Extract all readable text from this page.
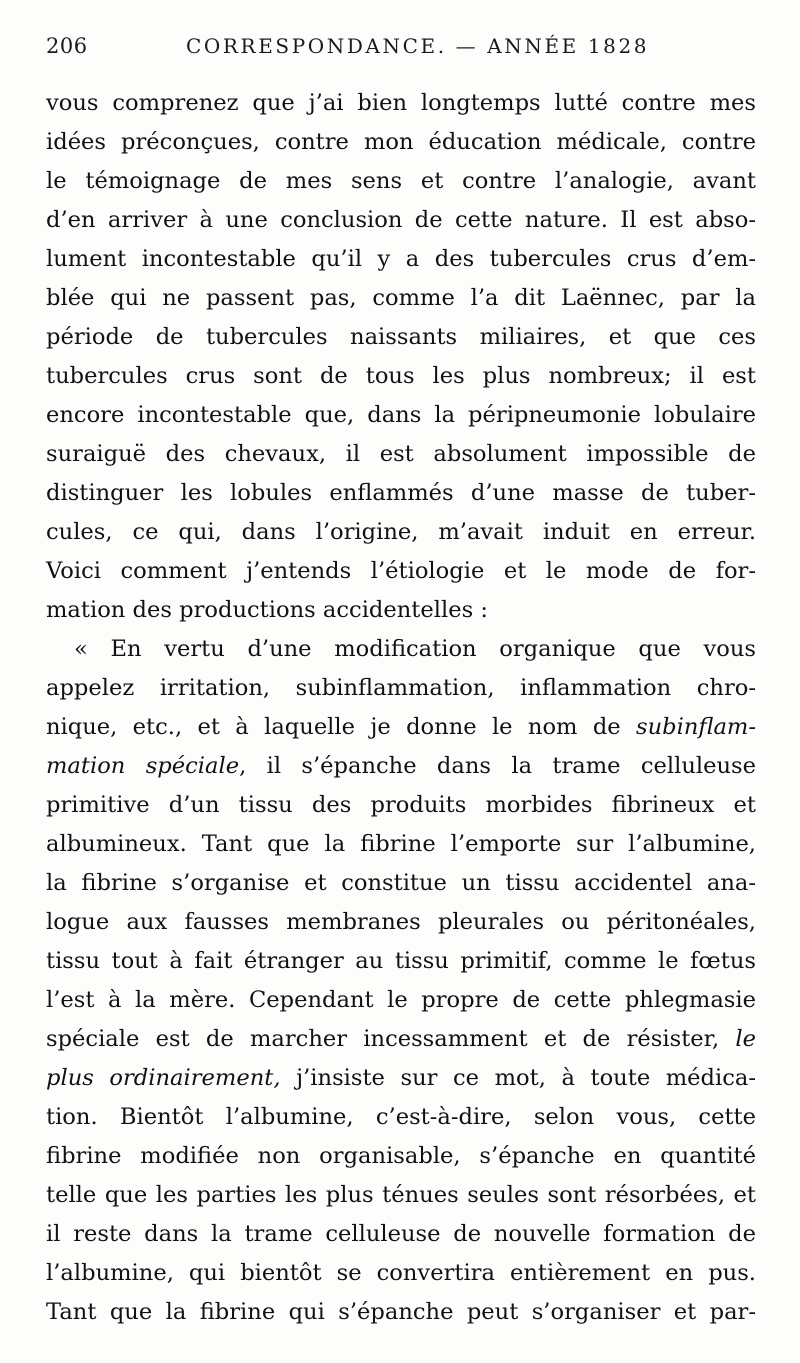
206	CORRESPONDANCE. — ANNÉE 1828
vous comprenez que j’ai bien longtemps lutté contre mes
idées préconçues, contre mon éducation médicale, contre
le témoignage de mes sens et contre l’analogie, avant
d’en arriver à une conclusion de cette nature. Il est abso-
lument incontestable qu’il y a des tubercules crus d’em-
blée qui ne passent pas, comme l’a dit Laënnec, par la
période de tubercules naissants miliaires, et que ces
tubercules crus sont de tous les plus nombreux; il est
encore incontestable que, dans la péripneumonie lobulaire
suraiguë des chevaux, il est absolument impossible de
distinguer les lobules enflammés d’une masse de tuber-
cules, ce qui, dans l’origine, m’avait induit en erreur.
Voici comment j’entends l’étiologie et le mode de for-
mation des productions accidentelles :
« En vertu d’une modification organique que vous
appelez irritation, subinflammation, inflammation chro-
nique, etc., et à laquelle je donne le nom de subinflam-
mation spéciale, il s’épanche dans la trame celluleuse
primitive d’un tissu des produits morbides fibrineux et
albumineux. Tant que la fibrine l’emporte sur l’albumine,
la fibrine s’organise et constitue un tissu accidentel ana-
logue aux fausses membranes pleurales ou péritonéales,
tissu tout à fait étranger au tissu primitif, comme le fœtus
l’est à la mère. Cependant le propre de cette phlegmasie
spéciale est de marcher incessamment et de résister, le
plus ordinairement, j’insiste sur ce mot, à toute médica-
tion. Bientôt l’albumine, c’est-à-dire, selon vous, cette
fibrine modifiée non organisable, s’épanche en quantité
telle que les parties les plus ténues seules sont résorbées, et
il reste dans la trame celluleuse de nouvelle formation de
l’albumine, qui bientôt se convertira entièrement en pus.
Tant que la fibrine qui s’épanche peut s’organiser et par-
